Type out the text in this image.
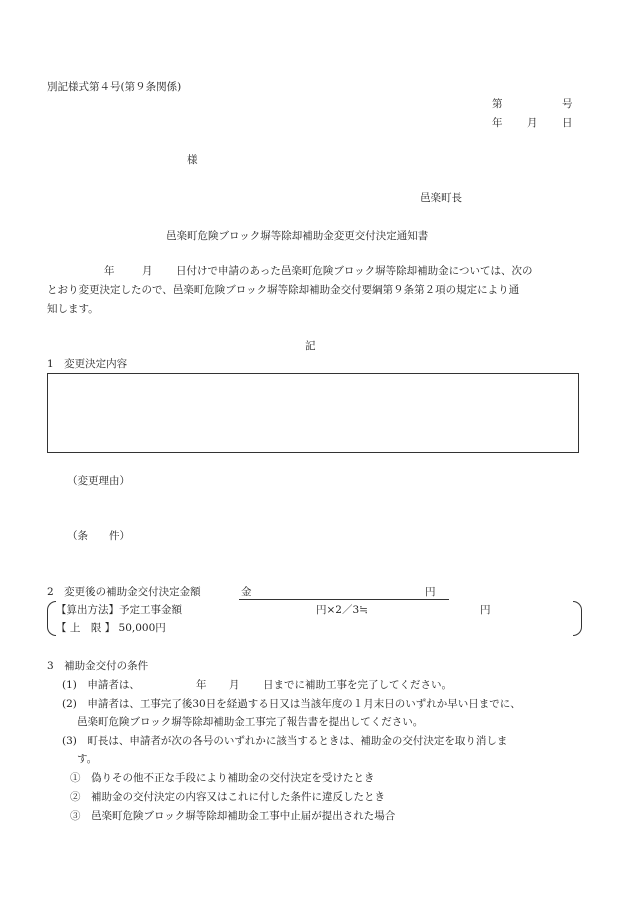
別記様式第４号(第９条関係)
第	号
年 月 日
様
邑楽町長
邑楽町危険ブロック塀等除却補助金変更交付決定通知書
年	月 日付けで申請のあった邑楽町危険ブロック塀等除却補助金については、次の
とおり変更決定したので、邑楽町危険ブロック塀等除却補助金交付要綱第９条第２項の規定により通
知します。
記
1　変更決定内容
（変更理由）
（条　　件）
2　変更後の補助金交付決定金額	金	円
【算出方法】予定工事金額	円×2／3≒	円
【 上　限 】 50,000円
3　補助金交付の条件
(1)　申請者は、	年 月 日までに補助工事を完了してください。
(2)　申請者は、工事完了後30日を経過する日又は当該年度の１月末日のいずれか早い日までに、
邑楽町危険ブロック塀等除却補助金工事完了報告書を提出してください。
(3)　町長は、申請者が次の各号のいずれかに該当するときは、補助金の交付決定を取り消しま
す。
①　偽りその他不正な手段により補助金の交付決定を受けたとき
②　補助金の交付決定の内容又はこれに付した条件に違反したとき
③　邑楽町危険ブロック塀等除却補助金工事中止届が提出された場合
